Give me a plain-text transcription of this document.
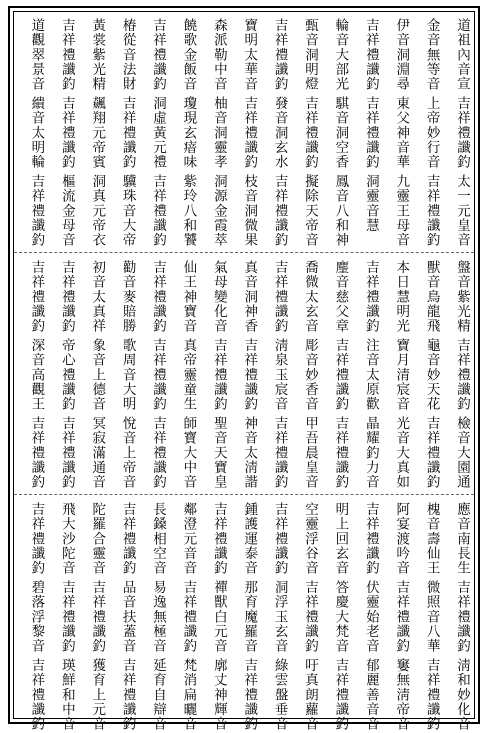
道祖內音宣
吉祥禮讖釣
太一元皇音
金音無等音
上帝妙行音
吉祥禮讖釣
伊音洞淵尋
東父神音華
九靈王母音
吉祥禮讖釣
吉祥禮讖釣
洞靈音慧
輪音大部光
騏音洞空香
鳳音八和神
甄音洞明燈
吉祥禮讖釣
擬除天帝音
吉祥禮讖釣
發音洞玄水
吉祥禮讖釣
寶明太華音
吉祥禮讖釣
枝音洞微果
森派勒中音
柚音洞靈孝
洞源金霞萃
饒歌金飯音
瓊現玄瘖味
紫玲八和饕
吉祥禮讖釣
洞虛黃元禮
吉祥禮讖釣
椿從音法財
吉祥禮讖釣
驥珠音大帝
黃裳紫光精
飆翔元帝賓
洞真元帝衣
吉祥禮讖釣
吉祥禮讖釣
樞流金母音
道觀翠景音
繢音太明輪
吉祥禮讖釣
盤音紫光精
吉祥禮讖釣
檢音大園通
獸音鳥龍飛
龜音妙天花
吉祥禮讖釣
本日慧明光
寶月清宸音
光音大真如
吉祥禮讖釣
注音太原歡
晶耀釣力音
麈音慈父章
吉祥禮讖釣
吉祥禮讖釣
喬微太玄音
彫音妙香音
甲吾晨皇音
吉祥禮讖釣
淸泉玉宸音
吉祥禮讖釣
真音洞神香
吉祥禮讖釣
神音太淸諧
氣母變化音
吉祥禮讖釣
聖音天寶皇
仙王神寶音
真帝靈童生
師寶大中音
吉祥禮讖釣
吉祥禮讖釣
吉祥禮讖釣
勸音麥賠勝
歌周音大明
悅音上帝音
初音太真祥
象音上德音
冥寂滿通音
吉祥禮讖釣
帝心禮讖釣
吉祥禮讖釣
吉祥禮讖釣
深音高觀王
吉祥禮讖釣
應音南長生
吉祥禮讖釣
淸和妙化音
槐音壽仙王
微照音八華
吉祥禮讖釣
阿宴渡吟音
吉祥禮讖釣
窶無淸帝音
吉祥禮讖釣
伏靈始老音
郁麗善音音
明上回玄音
答慶大梵音
吉祥禮讖釣
空靈浮谷音
吉祥禮讖釣
吁真朗蘿音
吉祥禮讖釣
洞浮玉玄音
綠雲盤垂音
鍾護運泰音
那育魔羅音
吉祥禮讖釣
吉祥禮讖釣
禪獸白元音
廓丈神輝音
鄰澄元音音
吉祥禮讖釣
梵消扁曬音
長鎟相空音
易逸無極音
延育自辯音
吉祥禮讖釣
品音扶蓋音
吉祥禮讖釣
陀羅合靈音
吉祥禮讖釣
獲育上元音
飛大沙陀音
吉祥禮讖釣
瑛鮮和中音
吉祥禮讖釣
碧落浮黎音
吉祥禮讖釣
